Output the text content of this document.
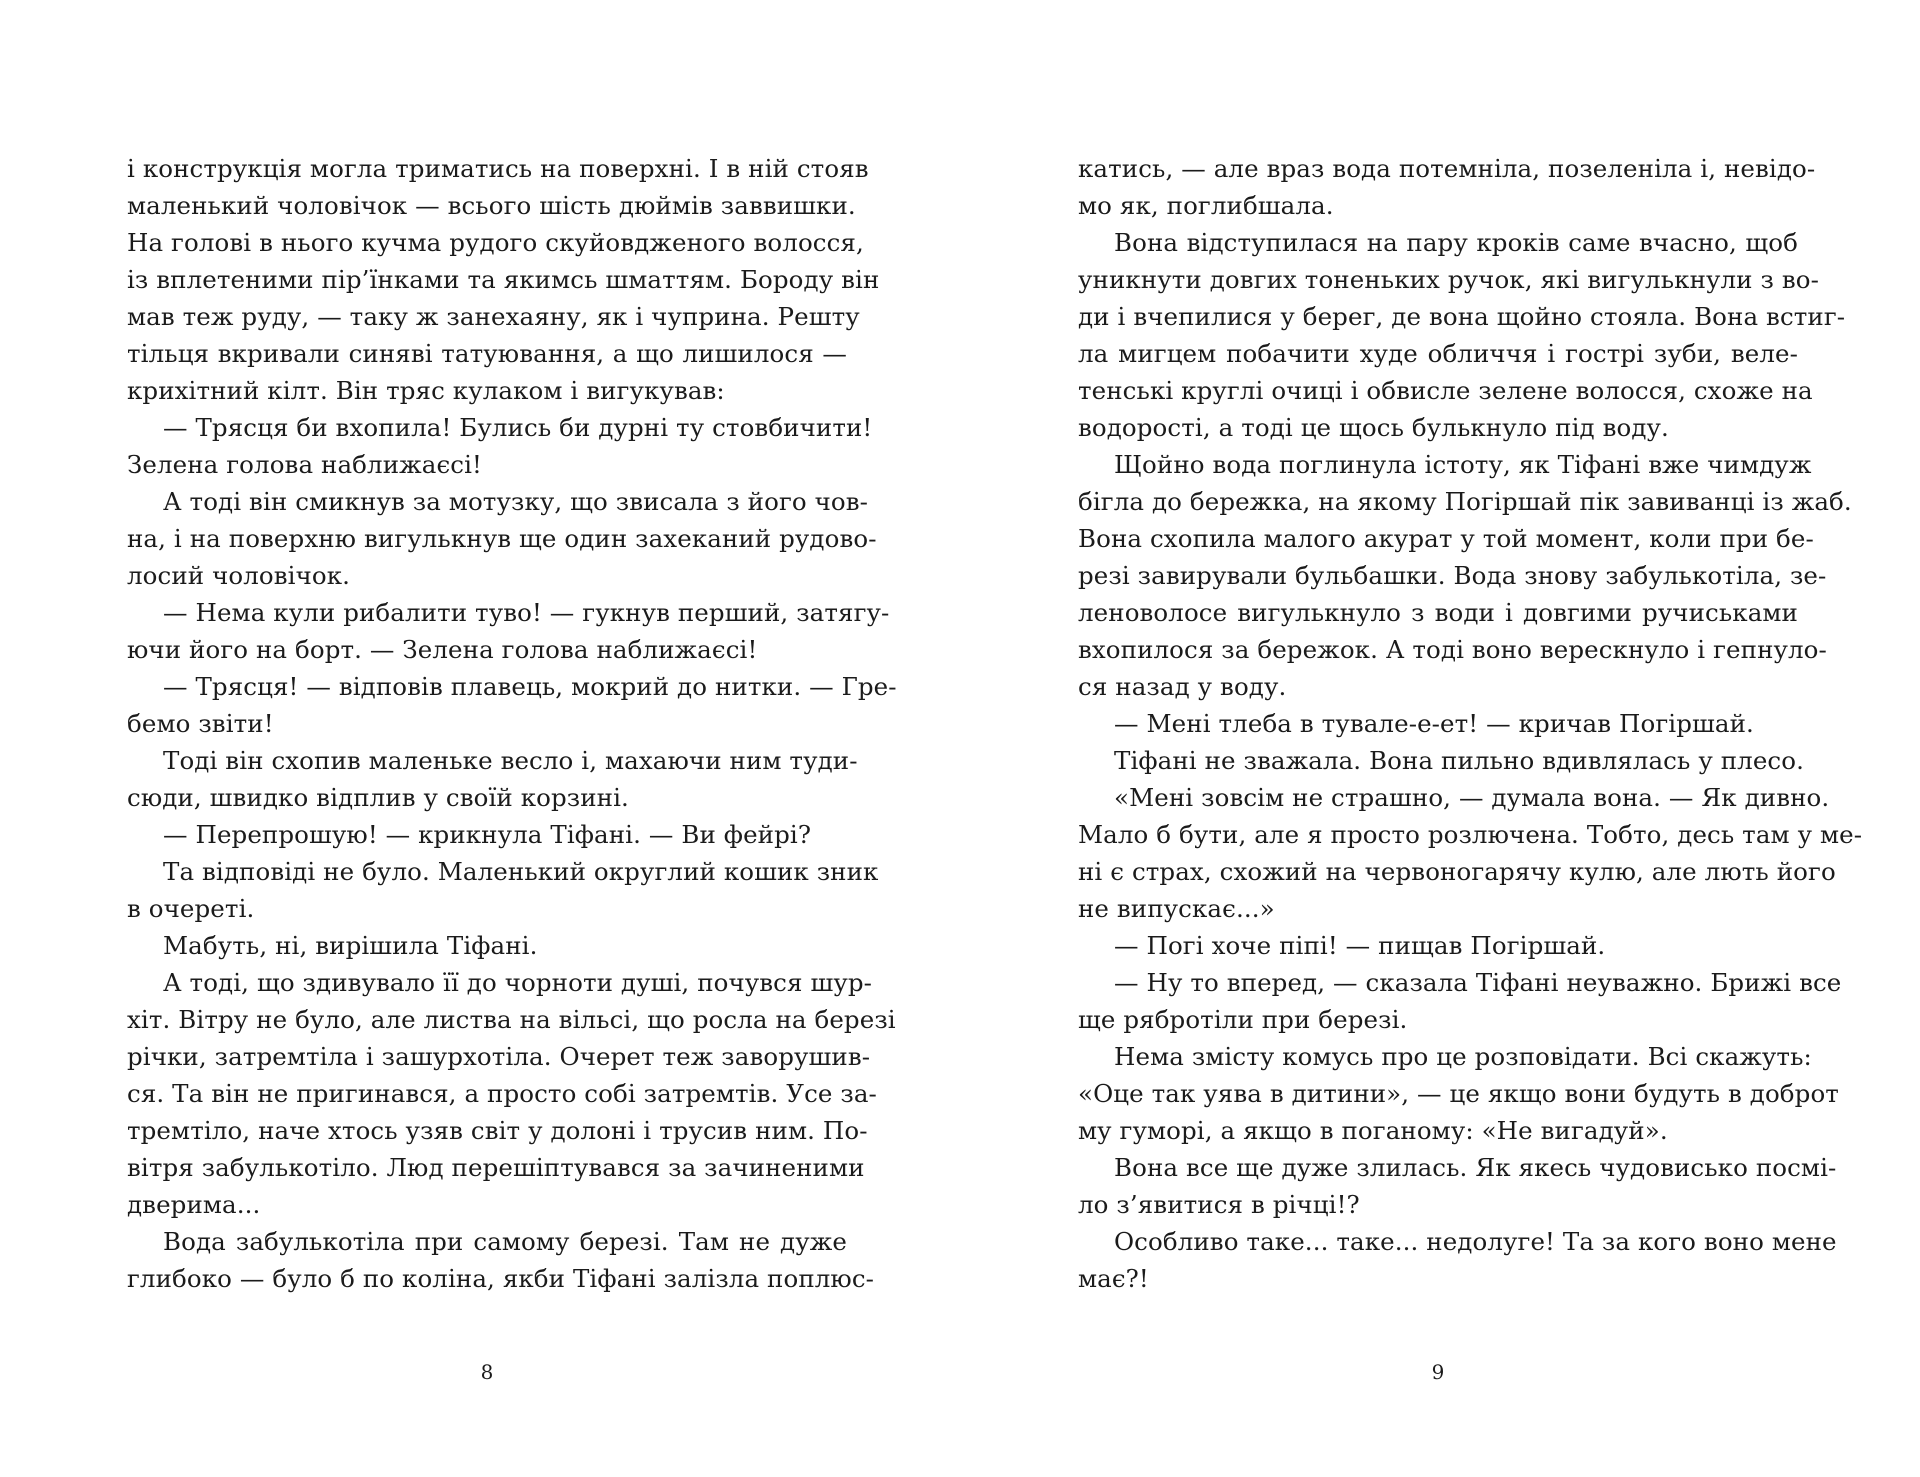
і конструкція могла триматись на поверхні. І в ній стояв
маленький чоловічок — всього шість дюймів заввишки.
На голові в нього кучма рудого скуйовдженого волосся,
із вплетеними пір’їнками та якимсь шматтям. Бороду він
мав теж руду, — таку ж занехаяну, як і чуприна. Решту
тільця вкривали синяві татуювання, а що лишилося —
крихітний кілт. Він тряс кулаком і вигукував:
— Трясця би вхопила! Булись би дурні ту стовбичити!
Зелена голова наближаєсі!
А тоді він смикнув за мотузку, що звисала з його чов-
на, і на поверхню вигулькнув ще один захеканий рудово-
лосий чоловічок.
— Нема кули рибалити туво! — гукнув перший, затягу-
ючи його на борт. — Зелена голова наближаєсі!
— Трясця! — відповів плавець, мокрий до нитки. — Гре-
бемо звіти!
Тоді він схопив маленьке весло і, махаючи ним туди-
сюди, швидко відплив у своїй корзині.
— Перепрошую! — крикнула Тіфані. — Ви фейрі?
Та відповіді не було. Маленький округлий кошик зник
в очереті.
Мабуть, ні, вирішила Тіфані.
А тоді, що здивувало її до чорноти душі, почувся шур-
хіт. Вітру не було, але листва на вільсі, що росла на березі
річки, затремтіла і зашурхотіла. Очерет теж заворушив-
ся. Та він не пригинався, а просто собі затремтів. Усе за-
тремтіло, наче хтось узяв світ у долоні і трусив ним. По-
вітря забулькотіло. Люд перешіптувався за зачиненими
дверима...
Вода забулькотіла при самому березі. Там не дуже
глибоко — було б по коліна, якби Тіфані залізла поплюс-
8
катись, — але враз вода потемніла, позеленіла і, невідо-
мо як, поглибшала.
Вона відступилася на пару кроків саме вчасно, щоб
уникнути довгих тоненьких ручок, які вигулькнули з во-
ди і вчепилися у берег, де вона щойно стояла. Вона встиг-
ла мигцем побачити худе обличчя і гострі зуби, веле-
тенські круглі очиці і обвисле зелене волосся, схоже на
водорості, а тоді це щось булькнуло під воду.
Щойно вода поглинула істоту, як Тіфані вже чимдуж
бігла до бережка, на якому Погіршай пік завиванці із жаб.
Вона схопила малого акурат у той момент, коли при бе-
резі завирували бульбашки. Вода знову забулькотіла, зе-
леноволосе вигулькнуло з води і довгими ручиськами
вхопилося за бережок. А тоді воно верескнуло і гепнуло-
ся назад у воду.
— Мені тлеба в тувале-е-ет! — кричав Погіршай.
Тіфані не зважала. Вона пильно вдивлялась у плесо.
«Мені зовсім не страшно, — думала вона. — Як дивно.
Мало б бути, але я просто розлючена. Тобто, десь там у ме-
ні є страх, схожий на червоногарячу кулю, але лють його
не випускає...»
— Погі хоче піпі! — пищав Погіршай.
— Ну то вперед, — сказала Тіфані неуважно. Брижі все
ще рябротіли при березі.
Нема змісту комусь про це розповідати. Всі скажуть:
«Оце так уява в дитини», — це якщо вони будуть в доброт
му гуморі, а якщо в поганому: «Не вигадуй».
Вона все ще дуже злилась. Як якесь чудовисько посмі-
ло з’явитися в річці!?
Особливо таке... таке... недолуге! Та за кого воно мене
має?!
9
